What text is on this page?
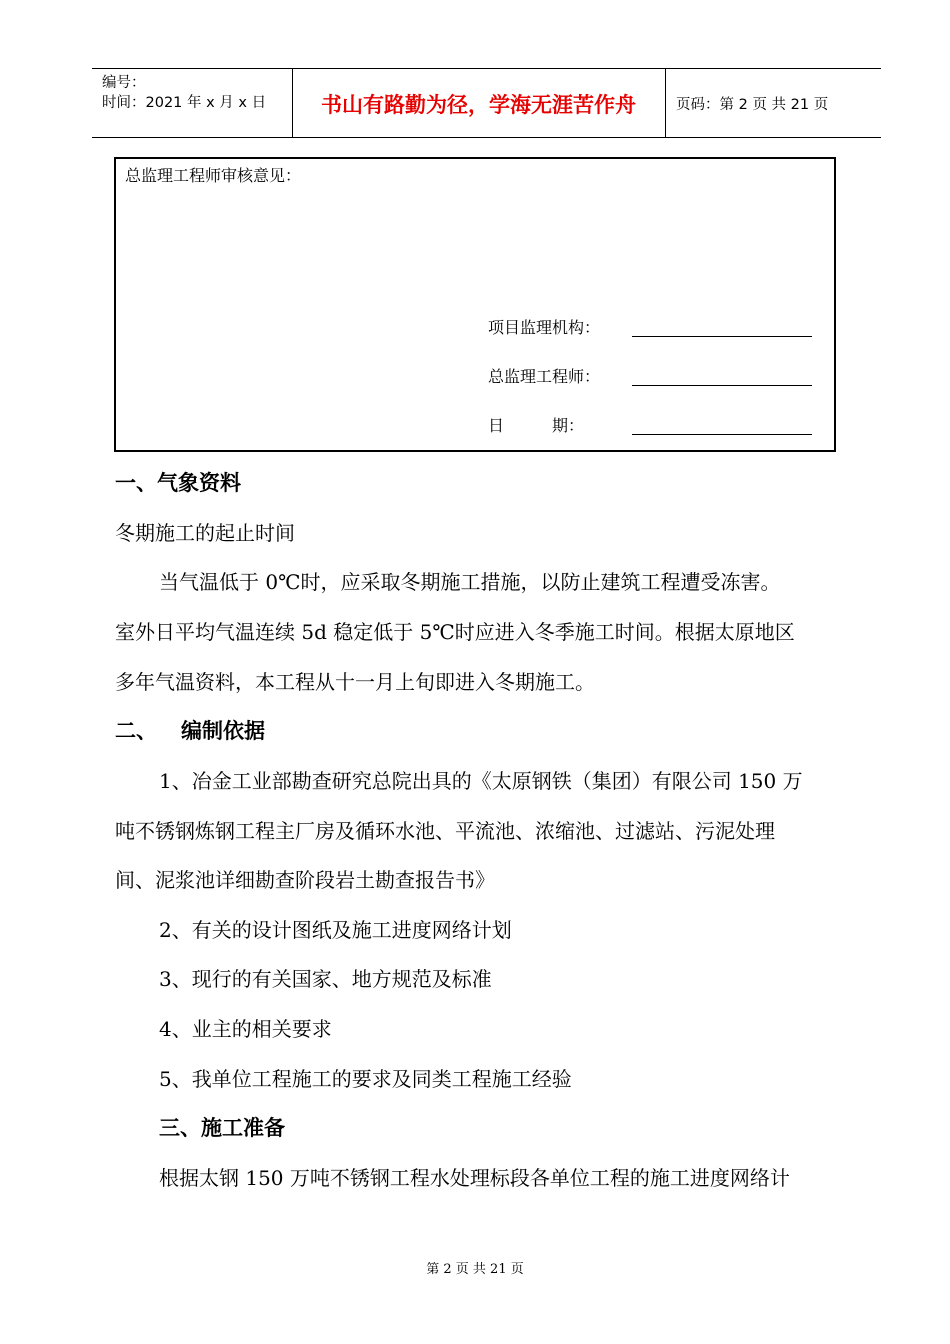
编号：
时间：2021 年 x 月 x 日	书山有路勤为径，学海无涯苦作舟	页码：第 2 页 共 21 页
总监理工程师审核意见：
项目监理机构：
总监理工程师：
日　　　期：
一、气象资料
冬期施工的起止时间
当气温低于 0℃时，应采取冬期施工措施，以防止建筑工程遭受冻害。
室外日平均气温连续 5d 稳定低于 5℃时应进入冬季施工时间。根据太原地区
多年气温资料，本工程从十一月上旬即进入冬期施工。
二、 编制依据
1、冶金工业部勘查研究总院出具的《太原钢铁（集团）有限公司 150 万
吨不锈钢炼钢工程主厂房及循环水池、平流池、浓缩池、过滤站、污泥处理
间、泥浆池详细勘查阶段岩土勘查报告书》
2、有关的设计图纸及施工进度网络计划
3、现行的有关国家、地方规范及标准
4、业主的相关要求
5、我单位工程施工的要求及同类工程施工经验
三、施工准备
根据太钢 150 万吨不锈钢工程水处理标段各单位工程的施工进度网络计
第 2 页 共 21 页
